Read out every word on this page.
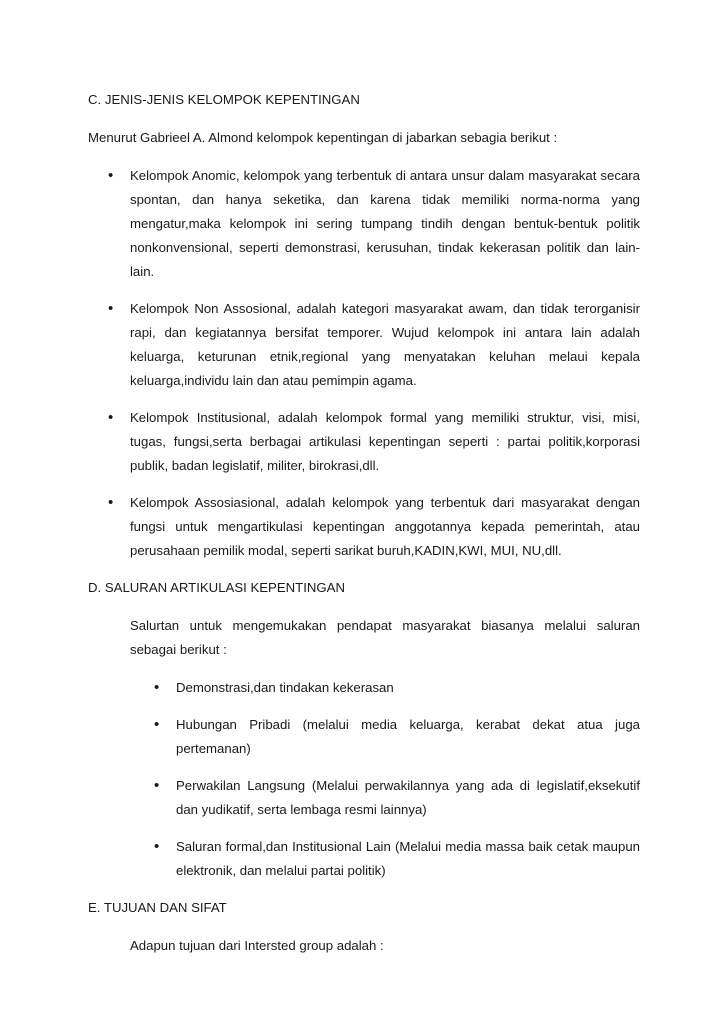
C. JENIS-JENIS KELOMPOK KEPENTINGAN

Menurut Gabrieel A. Almond kelompok kepentingan di jabarkan sebagia berikut :

• Kelompok Anomic, kelompok yang terbentuk di antara unsur dalam masyarakat secara spontan, dan hanya seketika, dan karena tidak memiliki norma-norma yang mengatur,maka kelompok ini sering tumpang tindih dengan bentuk-bentuk politik nonkonvensional, seperti demonstrasi, kerusuhan, tindak kekerasan politik dan lain-lain.
• Kelompok Non Assosional, adalah kategori masyarakat awam, dan tidak terorganisir rapi, dan kegiatannya bersifat temporer. Wujud kelompok ini antara lain adalah keluarga, keturunan etnik,regional yang menyatakan keluhan melaui kepala keluarga,individu lain dan atau pemimpin agama.
• Kelompok Institusional, adalah kelompok formal yang memiliki struktur, visi, misi, tugas, fungsi,serta berbagai artikulasi kepentingan seperti : partai politik,korporasi publik, badan legislatif, militer, birokrasi,dll.
• Kelompok Assosiasional, adalah kelompok yang terbentuk dari masyarakat dengan fungsi untuk mengartikulasi kepentingan anggotannya kepada pemerintah, atau perusahaan pemilik modal, seperti sarikat buruh,KADIN,KWI, MUI, NU,dll.

D. SALURAN ARTIKULASI KEPENTINGAN

Salurtan untuk mengemukakan pendapat masyarakat biasanya melalui saluran sebagai berikut :

• Demonstrasi,dan tindakan kekerasan
• Hubungan Pribadi (melalui media keluarga, kerabat dekat atua juga pertemanan)
• Perwakilan Langsung (Melalui perwakilannya yang ada di legislatif,eksekutif dan yudikatif, serta lembaga resmi lainnya)
• Saluran formal,dan Institusional Lain (Melalui media massa baik cetak maupun elektronik, dan melalui partai politik)

E. TUJUAN DAN SIFAT

Adapun tujuan dari Intersted group adalah :
